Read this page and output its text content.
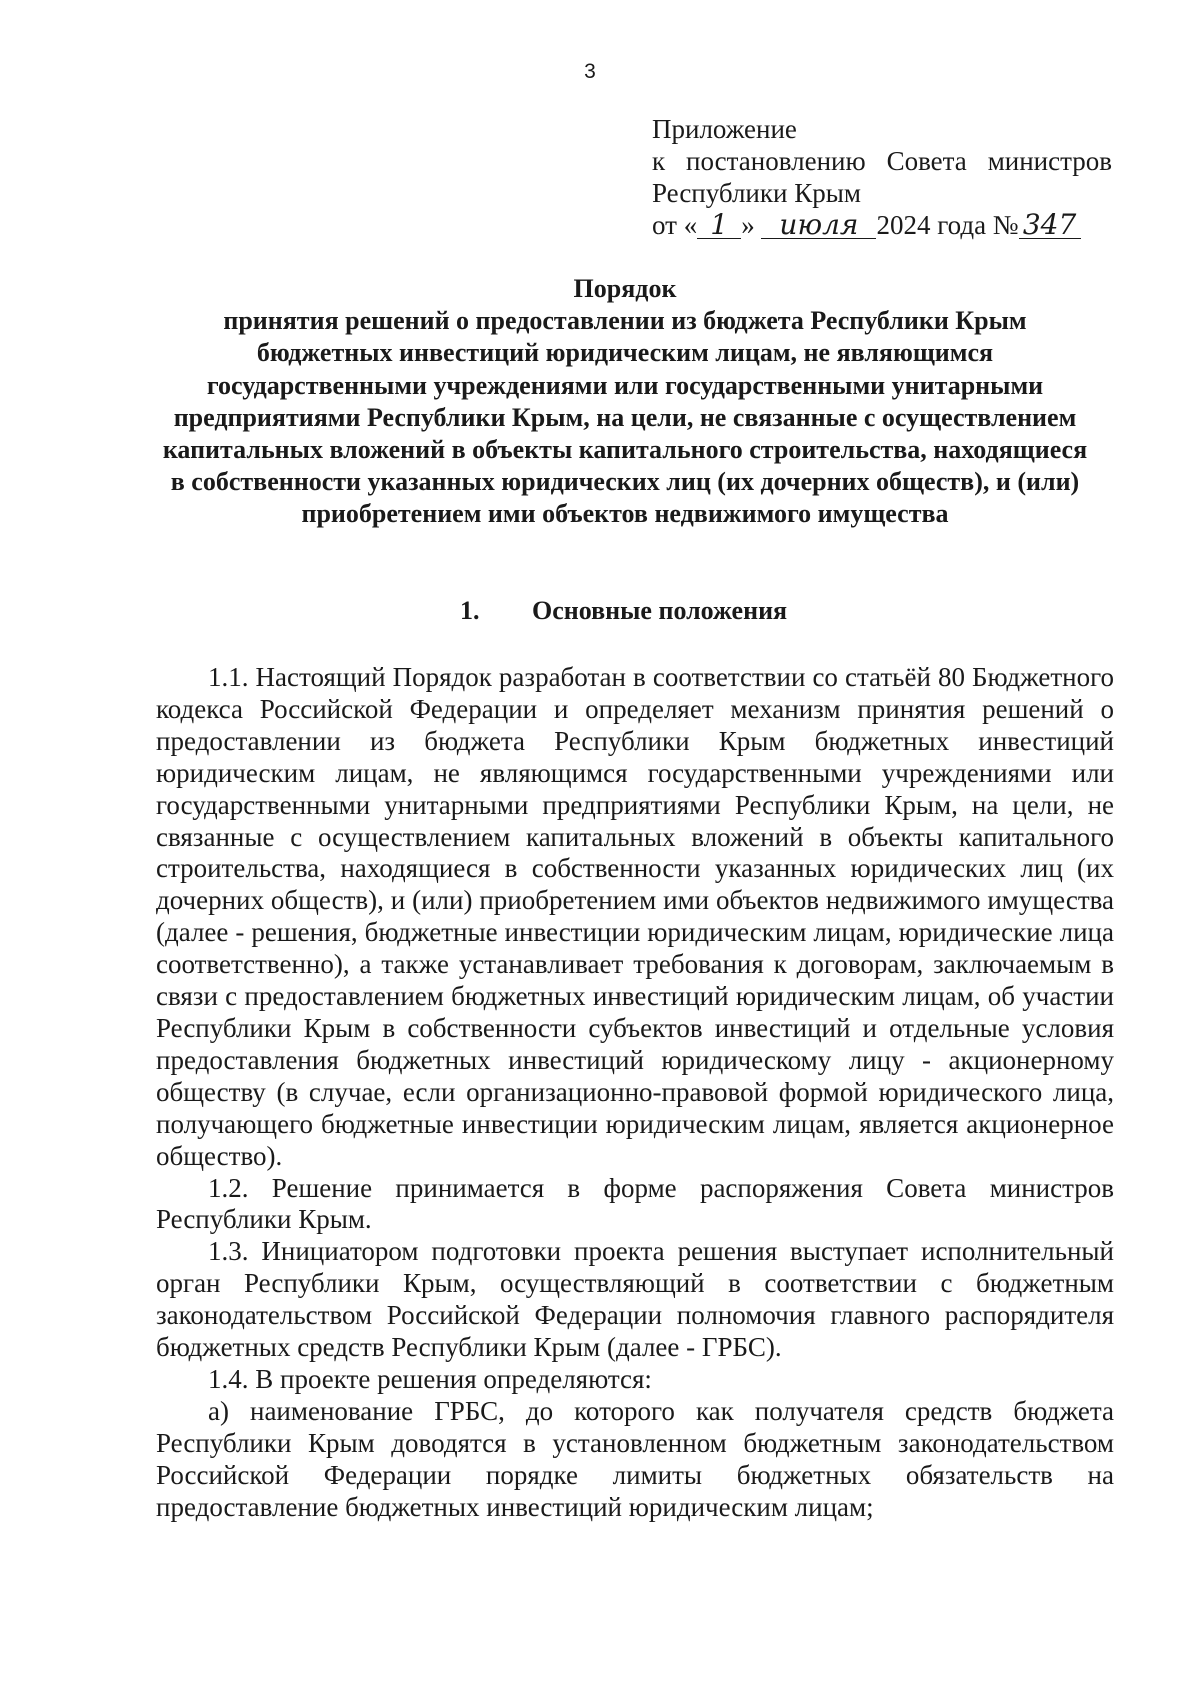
3
Приложение
к постановлению Совета министров
Республики Крым
от « 1 » июля 2024 года № 347
Порядок
принятия решений о предоставлении из бюджета Республики Крым бюджетных инвестиций юридическим лицам, не являющимся государственными учреждениями или государственными унитарными предприятиями Республики Крым, на цели, не связанные с осуществлением капитальных вложений в объекты капитального строительства, находящиеся в собственности указанных юридических лиц (их дочерних обществ), и (или) приобретением ими объектов недвижимого имущества
1. Основные положения

1.1. Настоящий Порядок разработан в соответствии со статьёй 80 Бюджетного кодекса Российской Федерации и определяет механизм принятия решений о предоставлении из бюджета Республики Крым бюджетных инвестиций юридическим лицам, не являющимся государственными учреждениями или государственными унитарными предприятиями Республики Крым, на цели, не связанные с осуществлением капитальных вложений в объекты капитального строительства, находящиеся в собственности указанных юридических лиц (их дочерних обществ), и (или) приобретением ими объектов недвижимого имущества (далее - решения, бюджетные инвестиции юридическим лицам, юридические лица соответственно), а также устанавливает требования к договорам, заключаемым в связи с предоставлением бюджетных инвестиций юридическим лицам, об участии Республики Крым в собственности субъектов инвестиций и отдельные условия предоставления бюджетных инвестиций юридическому лицу - акционерному обществу (в случае, если организационно-правовой формой юридического лица, получающего бюджетные инвестиции юридическим лицам, является акционерное общество).

1.2. Решение принимается в форме распоряжения Совета министров Республики Крым.

1.3. Инициатором подготовки проекта решения выступает исполнительный орган Республики Крым, осуществляющий в соответствии с бюджетным законодательством Российской Федерации полномочия главного распорядителя бюджетных средств Республики Крым (далее - ГРБС).

1.4. В проекте решения определяются:

а) наименование ГРБС, до которого как получателя средств бюджета Республики Крым доводятся в установленном бюджетным законодательством Российской Федерации порядке лимиты бюджетных обязательств на предоставление бюджетных инвестиций юридическим лицам;
